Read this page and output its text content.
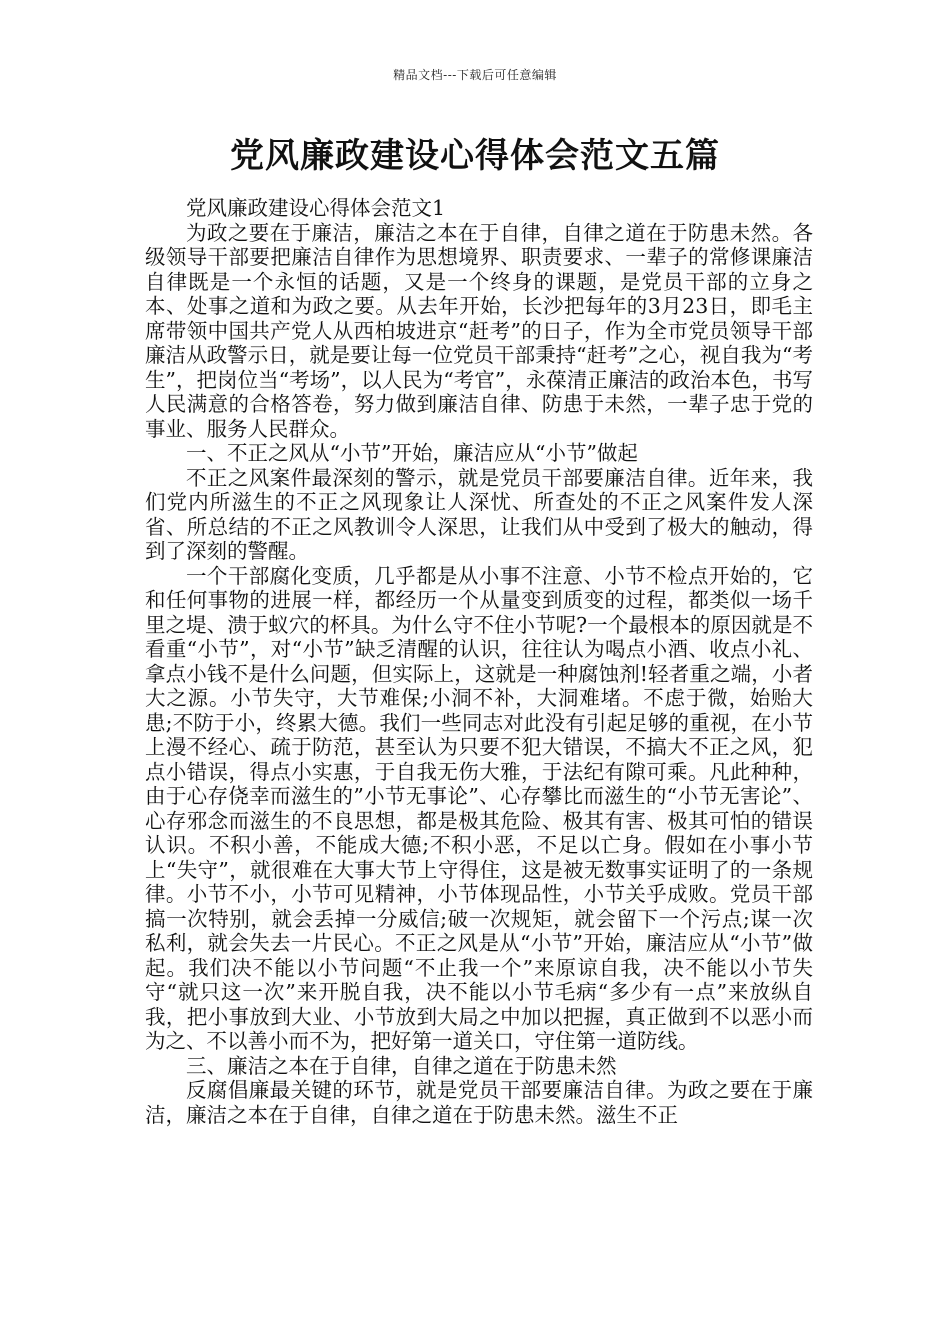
精品文档---下载后可任意编辑
党风廉政建设心得体会范文五篇

党风廉政建设心得体会范文1

为政之要在于廉洁，廉洁之本在于自律，自律之道在于防患未然。各级领导干部要把廉洁自律作为思想境界、职责要求、一辈子的常修课廉洁自律既是一个永恒的话题，又是一个终身的课题，是党员干部的立身之本、处事之道和为政之要。从去年开始，长沙把每年的3月23日，即毛主席带领中国共产党人从西柏坡进京“赶考”的日子，作为全市党员领导干部廉洁从政警示日，就是要让每一位党员干部秉持“赶考”之心，视自我为“考生”，把岗位当“考场”，以人民为“考官”，永葆清正廉洁的政治本色，书写人民满意的合格答卷，努力做到廉洁自律、防患于未然，一辈子忠于党的事业、服务人民群众。

一、不正之风从“小节”开始，廉洁应从“小节”做起

不正之风案件最深刻的警示，就是党员干部要廉洁自律。近年来，我们党内所滋生的不正之风现象让人深忧、所查处的不正之风案件发人深省、所总结的不正之风教训令人深思，让我们从中受到了极大的触动，得到了深刻的警醒。

一个干部腐化变质，几乎都是从小事不注意、小节不检点开始的，它和任何事物的进展一样，都经历一个从量变到质变的过程，都类似一场千里之堤、溃于蚁穴的杯具。为什么守不住小节呢?一个最根本的原因就是不看重“小节”，对“小节”缺乏清醒的认识，往往认为喝点小酒、收点小礼、拿点小钱不是什么问题，但实际上，这就是一种腐蚀剂!轻者重之端，小者大之源。小节失守，大节难保;小洞不补，大洞难堵。不虑于微，始贻大患;不防于小，终累大德。我们一些同志对此没有引起足够的重视，在小节上漫不经心、疏于防范，甚至认为只要不犯大错误，不搞大不正之风，犯点小错误，得点小实惠，于自我无伤大雅，于法纪有隙可乘。凡此种种，由于心存侥幸而滋生的”小节无事论”、心存攀比而滋生的“小节无害论”、心存邪念而滋生的不良思想，都是极其危险、极其有害、极其可怕的错误认识。不积小善，不能成大德;不积小恶，不足以亡身。假如在小事小节上“失守”，就很难在大事大节上守得住，这是被无数事实证明了的一条规律。小节不小，小节可见精神，小节体现品性，小节关乎成败。党员干部搞一次特别，就会丢掉一分威信;破一次规矩，就会留下一个污点;谋一次私利，就会失去一片民心。不正之风是从“小节”开始，廉洁应从“小节”做起。我们决不能以小节问题“不止我一个”来原谅自我，决不能以小节失守“就只这一次”来开脱自我，决不能以小节毛病“多少有一点”来放纵自我，把小事放到大业、小节放到大局之中加以把握，真正做到不以恶小而为之、不以善小而不为，把好第一道关口，守住第一道防线。

三、廉洁之本在于自律，自律之道在于防患未然

反腐倡廉最关键的环节，就是党员干部要廉洁自律。为政之要在于廉洁，廉洁之本在于自律，自律之道在于防患未然。滋生不正
